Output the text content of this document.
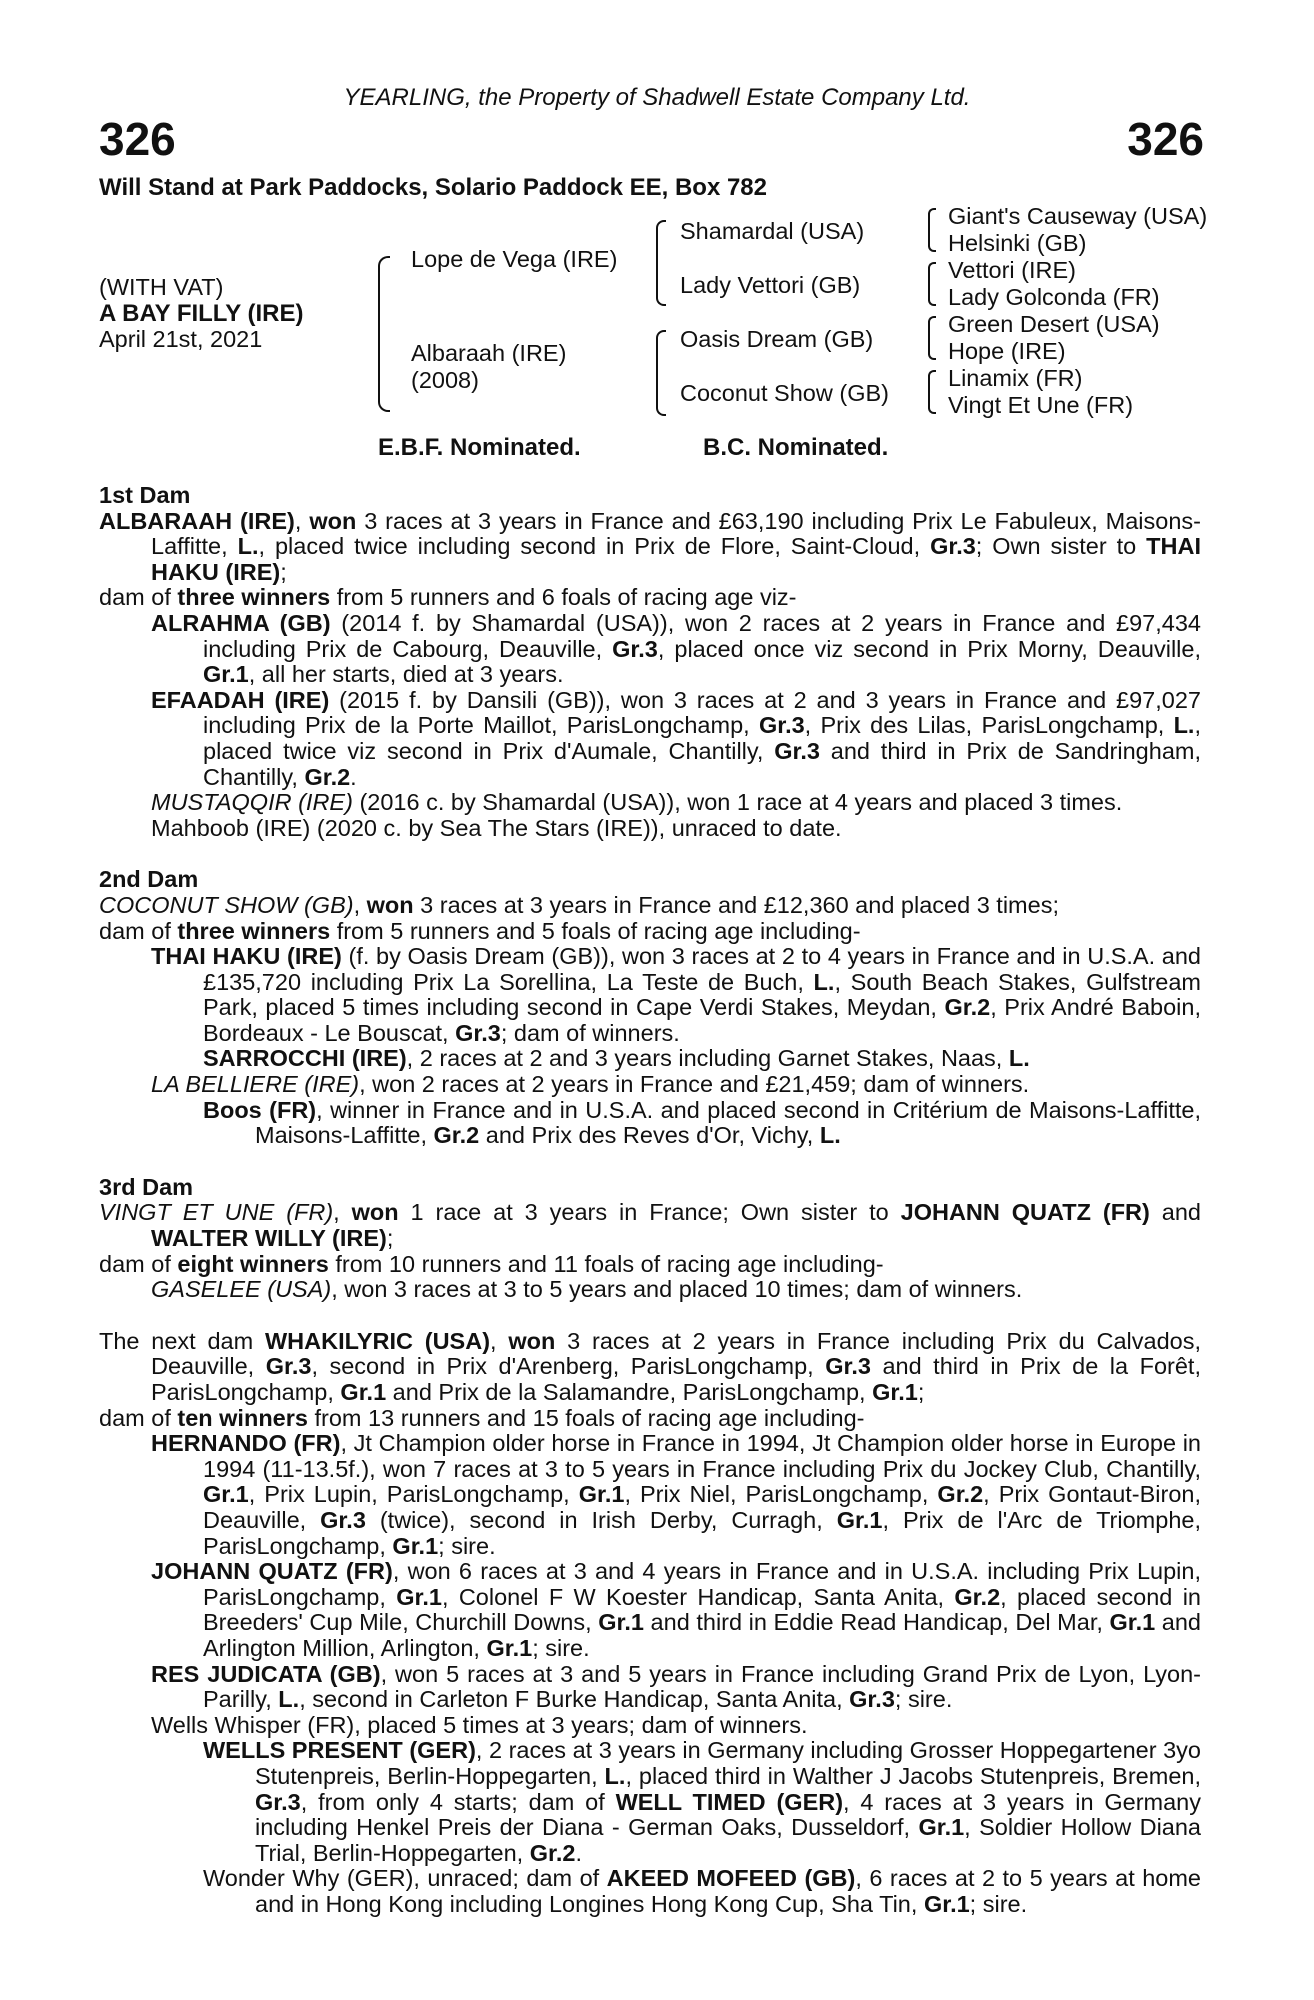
YEARLING, the Property of Shadwell Estate Company Ltd.
326	326
Will Stand at Park Paddocks, Solario Paddock EE, Box 782
(WITH VAT)
A BAY FILLY (IRE)
April 21st, 2021
Lope de Vega (IRE)
Albaraah (IRE)
(2008)
Shamardal (USA)
Lady Vettori (GB)
Oasis Dream (GB)
Coconut Show (GB)
Giant's Causeway (USA)
Helsinki (GB)
Vettori (IRE)
Lady Golconda (FR)
Green Desert (USA)
Hope (IRE)
Linamix (FR)
Vingt Et Une (FR)
E.B.F. Nominated.	B.C. Nominated.
1st Dam
ALBARAAH (IRE), won 3 races at 3 years in France and £63,190 including Prix Le Fabuleux, Maisons-Laffitte, L., placed twice including second in Prix de Flore, Saint-Cloud, Gr.3; Own sister to THAI HAKU (IRE);
dam of three winners from 5 runners and 6 foals of racing age viz-
ALRAHMA (GB) (2014 f. by Shamardal (USA)), won 2 races at 2 years in France and £97,434 including Prix de Cabourg, Deauville, Gr.3, placed once viz second in Prix Morny, Deauville, Gr.1, all her starts, died at 3 years.
EFAADAH (IRE) (2015 f. by Dansili (GB)), won 3 races at 2 and 3 years in France and £97,027 including Prix de la Porte Maillot, ParisLongchamp, Gr.3, Prix des Lilas, ParisLongchamp, L., placed twice viz second in Prix d'Aumale, Chantilly, Gr.3 and third in Prix de Sandringham, Chantilly, Gr.2.
MUSTAQQIR (IRE) (2016 c. by Shamardal (USA)), won 1 race at 4 years and placed 3 times.
Mahboob (IRE) (2020 c. by Sea The Stars (IRE)), unraced to date.
2nd Dam
COCONUT SHOW (GB), won 3 races at 3 years in France and £12,360 and placed 3 times;
dam of three winners from 5 runners and 5 foals of racing age including-
THAI HAKU (IRE) (f. by Oasis Dream (GB)), won 3 races at 2 to 4 years in France and in U.S.A. and £135,720 including Prix La Sorellina, La Teste de Buch, L., South Beach Stakes, Gulfstream Park, placed 5 times including second in Cape Verdi Stakes, Meydan, Gr.2, Prix André Baboin, Bordeaux - Le Bouscat, Gr.3; dam of winners.
SARROCCHI (IRE), 2 races at 2 and 3 years including Garnet Stakes, Naas, L.
LA BELLIERE (IRE), won 2 races at 2 years in France and £21,459; dam of winners.
Boos (FR), winner in France and in U.S.A. and placed second in Critérium de Maisons-Laffitte, Maisons-Laffitte, Gr.2 and Prix des Reves d'Or, Vichy, L.
3rd Dam
VINGT ET UNE (FR), won 1 race at 3 years in France; Own sister to JOHANN QUATZ (FR) and WALTER WILLY (IRE);
dam of eight winners from 10 runners and 11 foals of racing age including-
GASELEE (USA), won 3 races at 3 to 5 years and placed 10 times; dam of winners.
The next dam WHAKILYRIC (USA), won 3 races at 2 years in France including Prix du Calvados, Deauville, Gr.3, second in Prix d'Arenberg, ParisLongchamp, Gr.3 and third in Prix de la Forêt, ParisLongchamp, Gr.1 and Prix de la Salamandre, ParisLongchamp, Gr.1;
dam of ten winners from 13 runners and 15 foals of racing age including-
HERNANDO (FR), Jt Champion older horse in France in 1994, Jt Champion older horse in Europe in 1994 (11-13.5f.), won 7 races at 3 to 5 years in France including Prix du Jockey Club, Chantilly, Gr.1, Prix Lupin, ParisLongchamp, Gr.1, Prix Niel, ParisLongchamp, Gr.2, Prix Gontaut-Biron, Deauville, Gr.3 (twice), second in Irish Derby, Curragh, Gr.1, Prix de l'Arc de Triomphe, ParisLongchamp, Gr.1; sire.
JOHANN QUATZ (FR), won 6 races at 3 and 4 years in France and in U.S.A. including Prix Lupin, ParisLongchamp, Gr.1, Colonel F W Koester Handicap, Santa Anita, Gr.2, placed second in Breeders' Cup Mile, Churchill Downs, Gr.1 and third in Eddie Read Handicap, Del Mar, Gr.1 and Arlington Million, Arlington, Gr.1; sire.
RES JUDICATA (GB), won 5 races at 3 and 5 years in France including Grand Prix de Lyon, Lyon-Parilly, L., second in Carleton F Burke Handicap, Santa Anita, Gr.3; sire.
Wells Whisper (FR), placed 5 times at 3 years; dam of winners.
WELLS PRESENT (GER), 2 races at 3 years in Germany including Grosser Hoppegartener 3yo Stutenpreis, Berlin-Hoppegarten, L., placed third in Walther J Jacobs Stutenpreis, Bremen, Gr.3, from only 4 starts; dam of WELL TIMED (GER), 4 races at 3 years in Germany including Henkel Preis der Diana - German Oaks, Dusseldorf, Gr.1, Soldier Hollow Diana Trial, Berlin-Hoppegarten, Gr.2.
Wonder Why (GER), unraced; dam of AKEED MOFEED (GB), 6 races at 2 to 5 years at home and in Hong Kong including Longines Hong Kong Cup, Sha Tin, Gr.1; sire.
